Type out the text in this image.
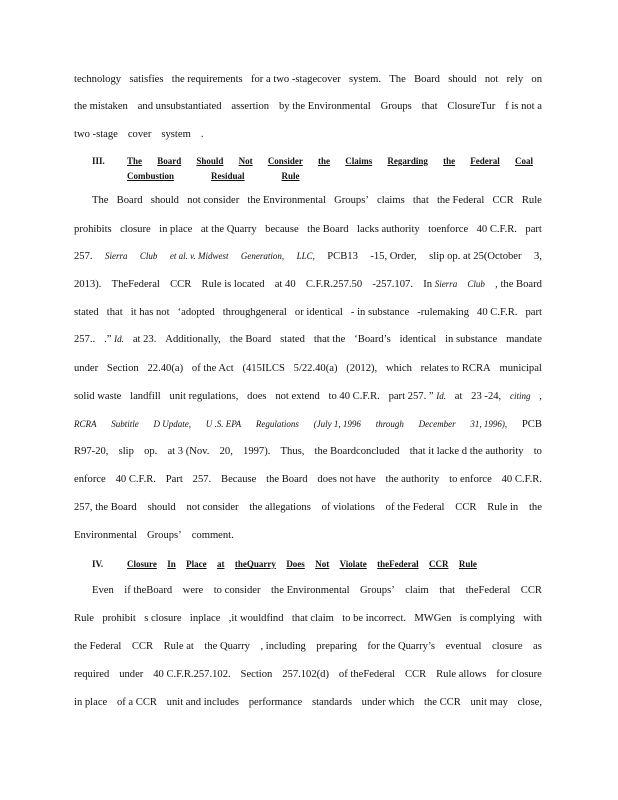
technology satisfies the requirements for a two -stagecover system. The Board should not rely on
the mistaken and unsubstantiated assertion by the Environmental Groups that ClosureTur f is not a
two -stage cover system .
III. The Board Should Not Consider the Claims Regarding the Federal Coal
Combustion	Residual	Rule
The Board should not consider the Environmental Groups’ claims that the Federal CCR Rule
prohibits closure in place at the Quarry because the Board lacks authority toenforce 40 C.F.R. part
257. Sierra Club et al. v. Midwest Generation, LLC, PCB13 -15, Order, slip op. at 25(October 3,
2013). TheFederal CCR Rule is located at 40 C.F.R.257.50 -257.107. In Sierra Club , the Board
stated that it has not ‘adopted throughgeneral or identical - in substance -rulemaking 40 C.F.R. part
257.. .” Id. at 23. Additionally, the Board stated that the ‘Board’s identical in substance mandate
under Section 22.40(a) of the Act (415ILCS 5/22.40(a) (2012), which relates to RCRA municipal
solid waste landfill unit regulations, does not extend to 40 C.F.R. part 257. ” Id. at 23 -24, citing ,
RCRA Subtitle D Update, U .S. EPA Regulations (July 1, 1996 through December 31, 1996), PCB
R97-20, slip op. at 3 (Nov. 20, 1997). Thus, the Boardconcluded that it lacke d the authority to
enforce 40 C.F.R. Part 257. Because the Board does not have the authority to enforce 40 C.F.R.
257, the Board should not consider the allegations of violations of the Federal CCR Rule in the
Environmental Groups’ comment.
IV.	Closure In Place at theQuarry Does Not Violate theFederal CCR Rule
Even if theBoard were to consider the Environmental Groups’ claim that theFederal CCR
Rule prohibit s closure inplace ,it wouldfind that claim to be incorrect. MWGen is complying with
the Federal CCR Rule at the Quarry , including preparing for the Quarry’s eventual closure as
required under 40 C.F.R.257.102. Section 257.102(d) of theFederal CCR Rule allows for closure
in place of a CCR unit and includes performance standards under which the CCR unit may close,
